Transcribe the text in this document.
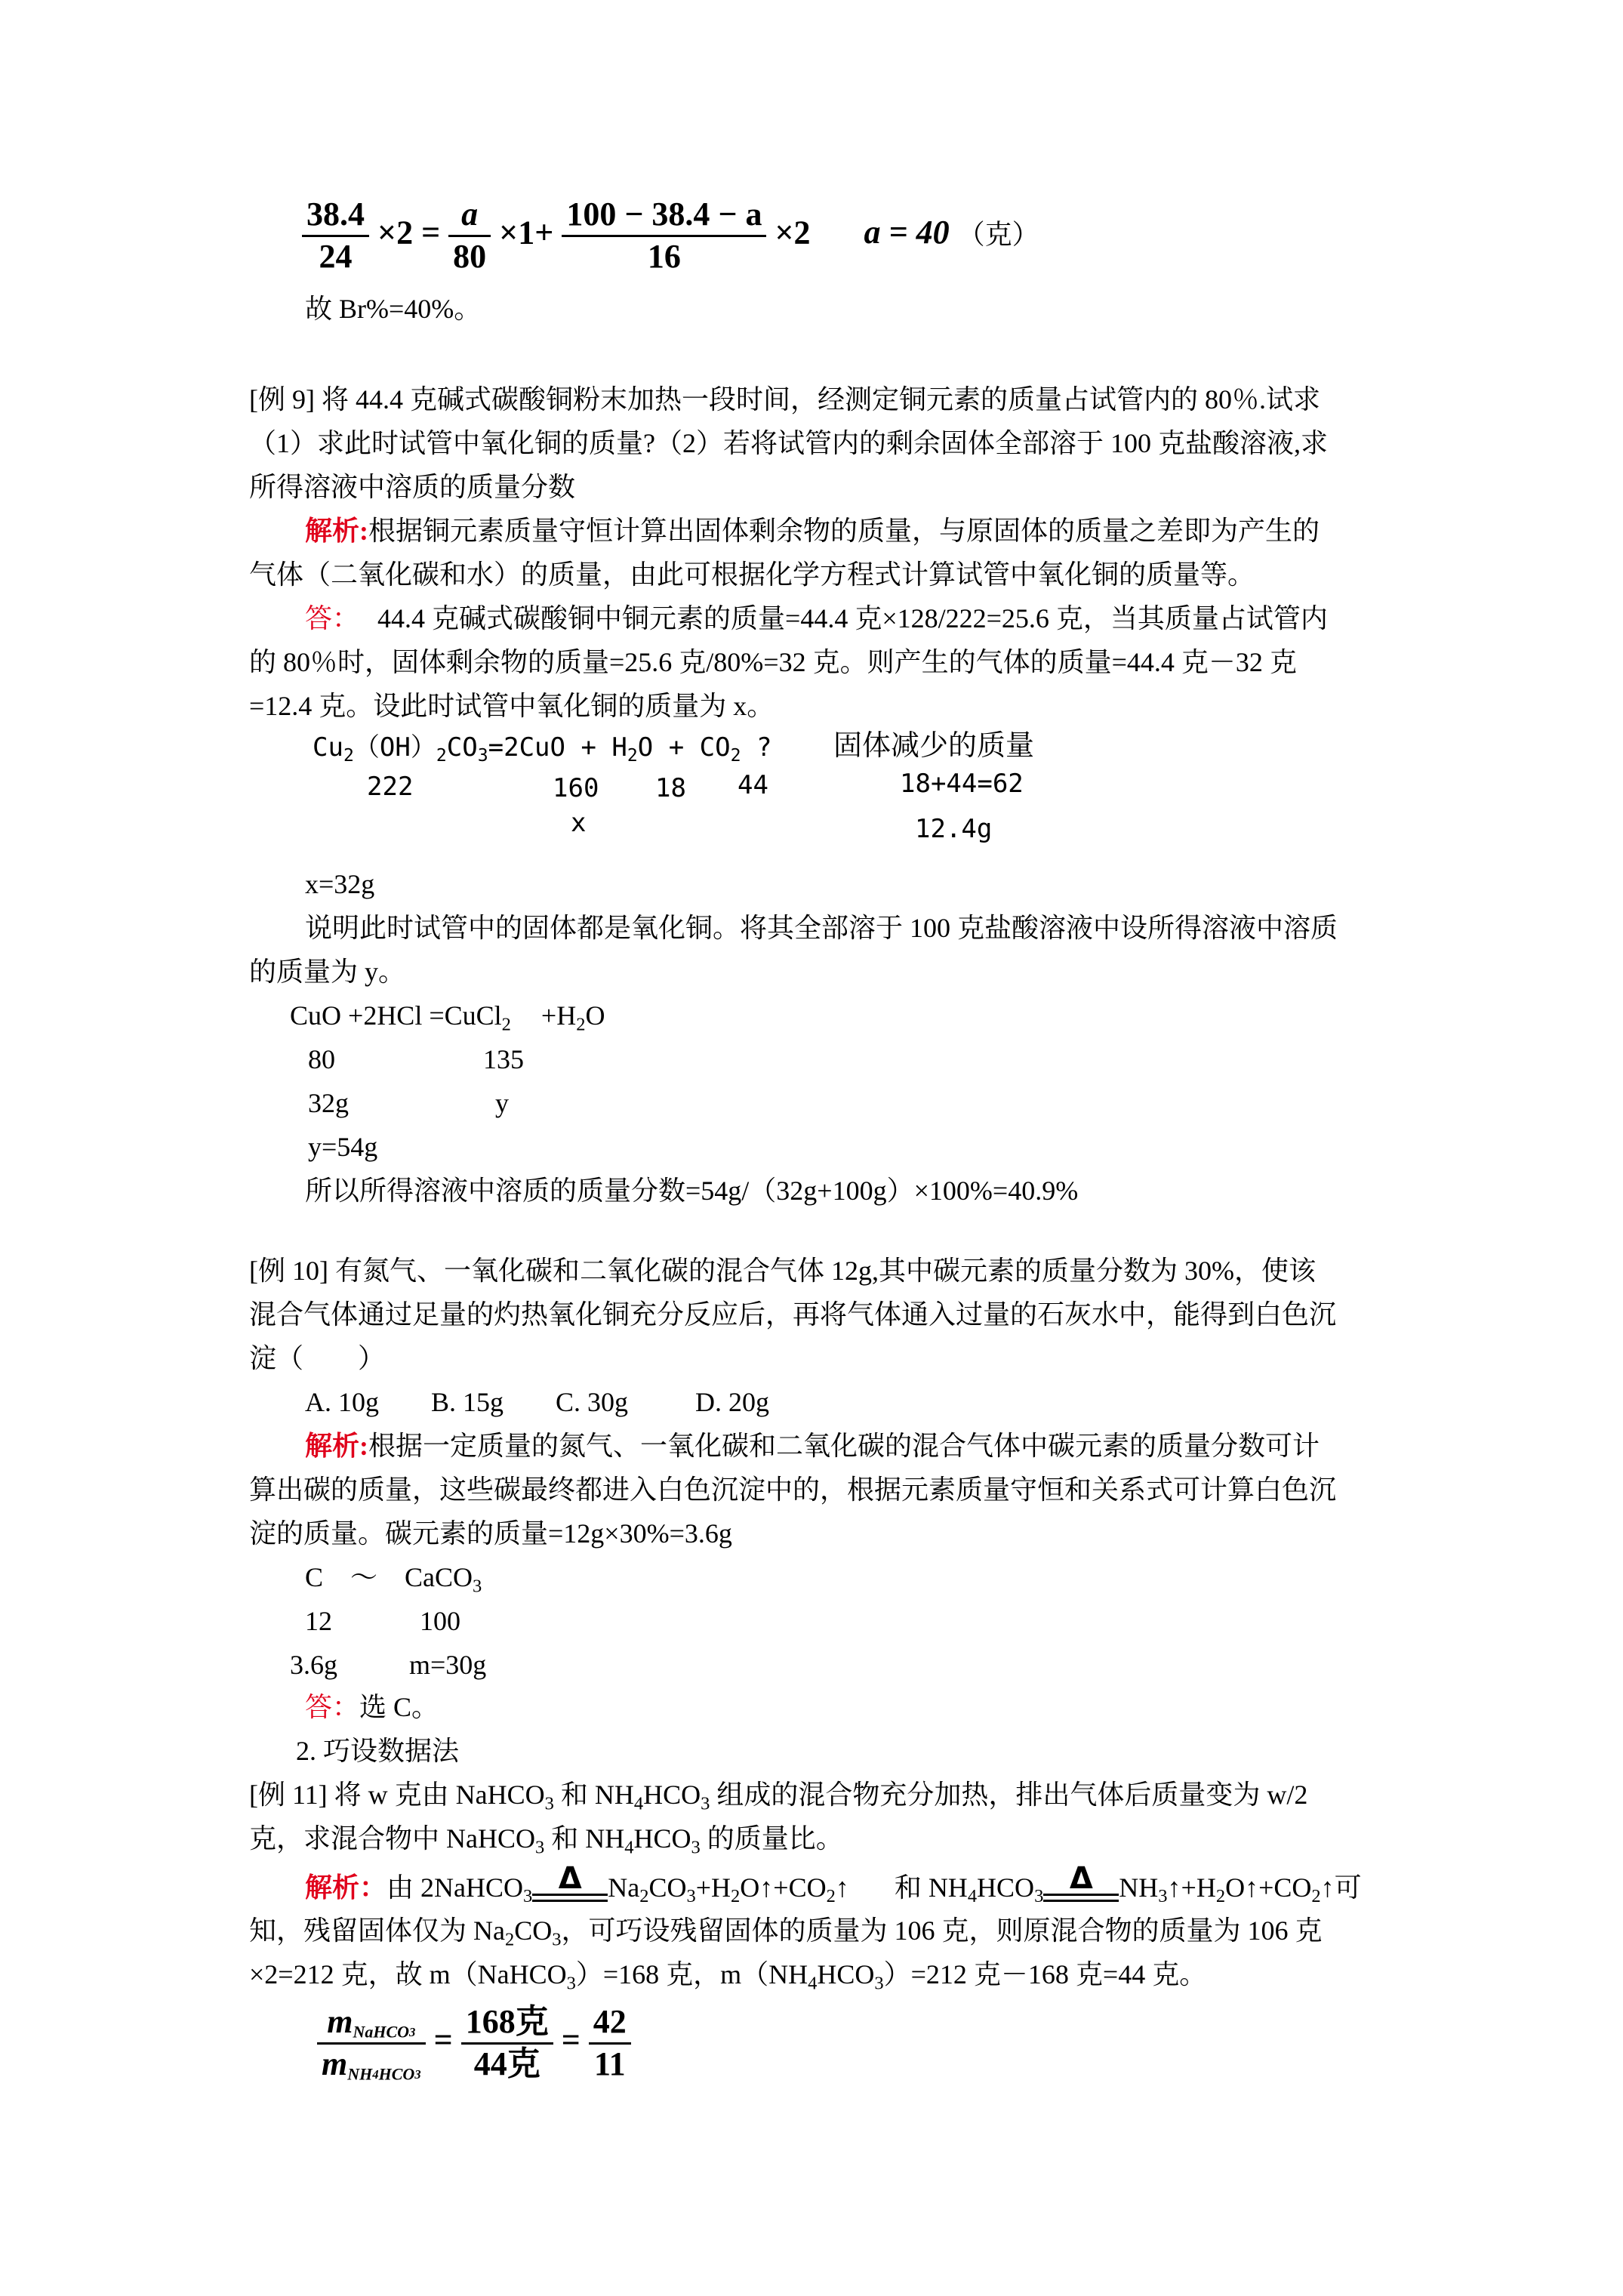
$\frac{38.4}{24} \times 2 = \frac{a}{80} \times 1+ \frac{100 - 38.4 - a}{16} \times 2$ a = 40 （克）
故 Br%=40%。
[例 9] 将 44.4 克碱式碳酸铜粉末加热一段时间，经测定铜元素的质量占试管内的 80％.试求
（1）求此时试管中氧化铜的质量?（2）若将试管内的剩余固体全部溶于 100 克盐酸溶液,求
所得溶液中溶质的质量分数
解析:根据铜元素质量守恒计算出固体剩余物的质量，与原固体的质量之差即为产生的
气体（二氧化碳和水）的质量，由此可根据化学方程式计算试管中氧化铜的质量等。
答： 44.4 克碱式碳酸铜中铜元素的质量=44.4 克×128/222=25.6 克，当其质量占试管内
的 80％时，固体剩余物的质量=25.6 克/80%=32 克。则产生的气体的质量=44.4 克－32 克
=12.4 克。设此时试管中氧化铜的质量为 x。
$Cu_2(OH)_2CO_3=2CuO + H_2O + CO_2$ ? 固体减少的质量
222	160 18 44	18+44=62
x	12.4g
x=32g
说明此时试管中的固体都是氧化铜。将其全部溶于 100 克盐酸溶液中设所得溶液中溶质
的质量为 y。
CuO +2HCl =CuCl$_2$ $+H_2O$
80	135
32g	y
y=54g
所以所得溶液中溶质的质量分数=54g/（32g+100g）×100%=40.9%
[例 10] 有氮气、一氧化碳和二氧化碳的混合气体 12g,其中碳元素的质量分数为 30%，使该
混合气体通过足量的灼热氧化铜充分反应后，再将气体通入过量的石灰水中，能得到白色沉
淀（　　）
A. 10g B. 15g C. 30g D. 20g
解析:根据一定质量的氮气、一氧化碳和二氧化碳的混合气体中碳元素的质量分数可计
算出碳的质量，这些碳最终都进入白色沉淀中的，根据元素质量守恒和关系式可计算白色沉
淀的质量。碳元素的质量=12g×30%=3.6g
C ～ CaCO$_3$
12	100
3.6g	m=30g
答：选 C。
2. 巧设数据法
[例 11] 将 w 克由 NaHCO$_3$ 和 $NH_4HCO_3$ 组成的混合物充分加热，排出气体后质量变为 w/2
克，求混合物中 NaHCO$_3$ 和 $NH_4HCO_3$ 的质量比。
解析：由 2NaHCO$_3$
Δ $Na_2CO_3+H_2O↑+CO_2↑$ 和 $NH_4HCO_3$
Δ $NH_3↑+H_2O↑+CO_2↑$可
知，残留固体仅为 $Na_2CO_3$，可巧设残留固体的质量为 106 克，则原混合物的质量为 106 克
×2=212 克，故 m（NaHCO$_3$）=168 克，$m(NH_4HCO_3)=212$ 克－168 克=44 克。
$\frac{m_{NaHCO3}}{m_{NH4HCO3}} = \frac{\text{168克}}{\text{44克}} = \frac{42}{11}$
